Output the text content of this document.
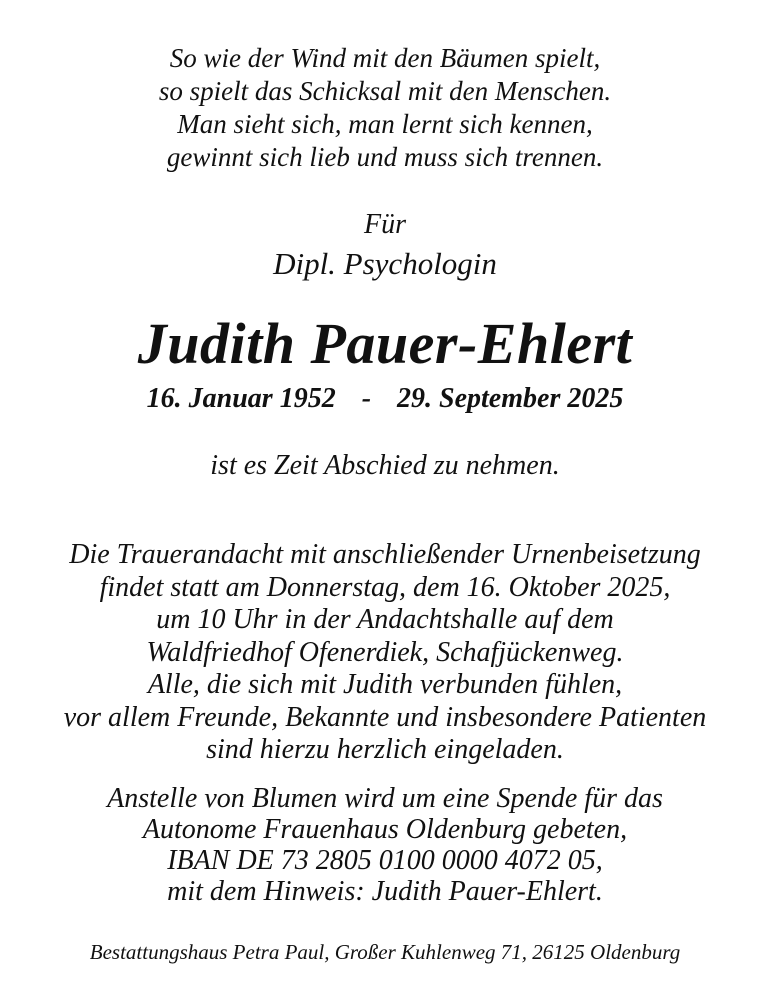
So wie der Wind mit den Bäumen spielt,
so spielt das Schicksal mit den Menschen.
Man sieht sich, man lernt sich kennen,
gewinnt sich lieb und muss sich trennen.
Für
Dipl. Psychologin
Judith Pauer-Ehlert
16. Januar 1952 - 29. September 2025
ist es Zeit Abschied zu nehmen.
Die Trauerandacht mit anschließender Urnenbeisetzung
findet statt am Donnerstag, dem 16. Oktober 2025,
um 10 Uhr in der Andachtshalle auf dem
Waldfriedhof Ofenerdiek, Schafjückenweg.
Alle, die sich mit Judith verbunden fühlen,
vor allem Freunde, Bekannte und insbesondere Patienten
sind hierzu herzlich eingeladen.
Anstelle von Blumen wird um eine Spende für das
Autonome Frauenhaus Oldenburg gebeten,
IBAN DE 73 2805 0100 0000 4072 05,
mit dem Hinweis: Judith Pauer-Ehlert.
Bestattungshaus Petra Paul, Großer Kuhlenweg 71, 26125 Oldenburg
